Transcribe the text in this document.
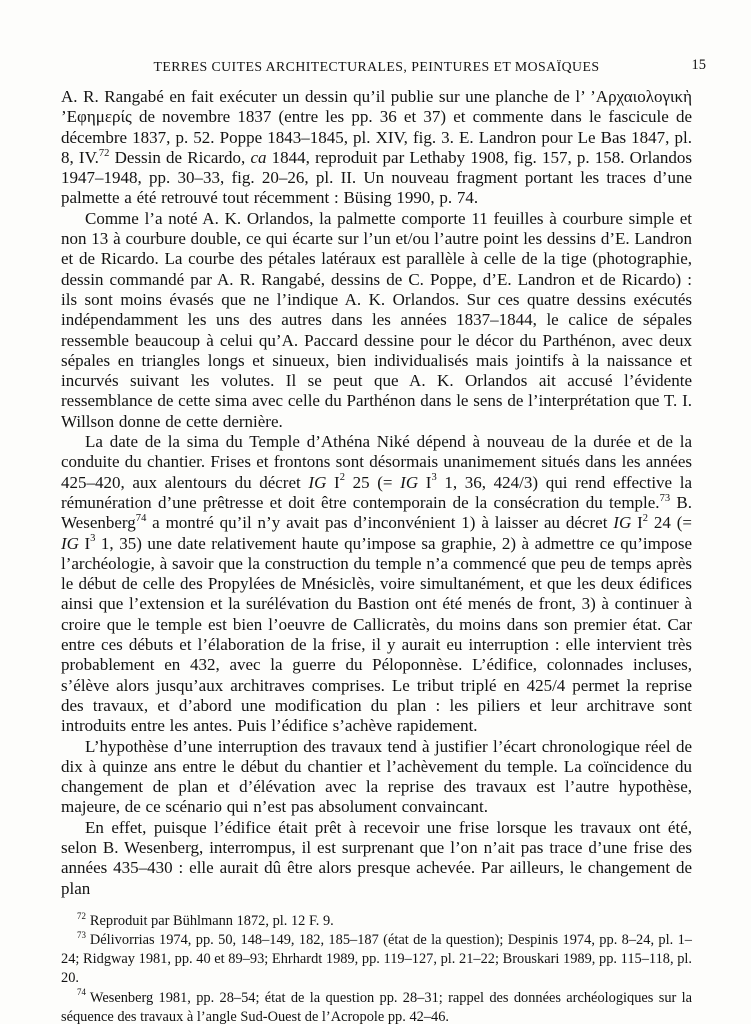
TERRES CUITES ARCHITECTURALES, PEINTURES ET MOSAÏQUES	15

A. R. Rangabé en fait exécuter un dessin qu’il publie sur une planche de l’ ’Αρχαιολογικὴ ’Εφημερίς de novembre 1837 (entre les pp. 36 et 37) et commente dans le fascicule de décembre 1837, p. 52. Poppe 1843–1845, pl. XIV, fig. 3. E. Landron pour Le Bas 1847, pl. 8, IV.$^{72}$ Dessin de Ricardo, ca 1844, reproduit par Lethaby 1908, fig. 157, p. 158. Orlandos 1947–1948, pp. 30–33, fig. 20–26, pl. II. Un nouveau fragment portant les traces d’une palmette a été retrouvé tout récemment : Büsing 1990, p. 74.

Comme l’a noté A. K. Orlandos, la palmette comporte 11 feuilles à courbure simple et non 13 à courbure double, ce qui écarte sur l’un et/ou l’autre point les dessins d’E. Landron et de Ricardo. La courbe des pétales latéraux est parallèle à celle de la tige (photographie, dessin commandé par A. R. Rangabé, dessins de C. Poppe, d’E. Landron et de Ricardo) : ils sont moins évasés que ne l’indique A. K. Orlandos. Sur ces quatre dessins exécutés indépendamment les uns des autres dans les années 1837–1844, le calice de sépales ressemble beaucoup à celui qu’A. Paccard dessine pour le décor du Parthénon, avec deux sépales en triangles longs et sinueux, bien individualisés mais jointifs à la naissance et incurvés suivant les volutes. Il se peut que A. K. Orlandos ait accusé l’évidente ressemblance de cette sima avec celle du Parthénon dans le sens de l’interprétation que T. I. Willson donne de cette dernière.

La date de la sima du Temple d’Athéna Niké dépend à nouveau de la durée et de la conduite du chantier. Frises et frontons sont désormais unanimement situés dans les années 425–420, aux alentours du décret IG $I^2$ 25 (= IG $I^3$ 1, 36, 424/3) qui rend effective la rémunération d’une prêtresse et doit être contemporain de la consécration du temple.$^{73}$ B. Wesenberg$^{74}$ a montré qu’il n’y avait pas d’inconvénient 1) à laisser au décret IG $I^2$ 24 (= IG $I^3$ 1, 35) une date relativement haute qu’impose sa graphie, 2) à admettre ce qu’impose l’archéologie, à savoir que la construction du temple n’a commencé que peu de temps après le début de celle des Propylées de Mnésiclès, voire simultanément, et que les deux édifices ainsi que l’extension et la surélévation du Bastion ont été menés de front, 3) à continuer à croire que le temple est bien l’oeuvre de Callicratès, du moins dans son premier état. Car entre ces débuts et l’élaboration de la frise, il y aurait eu interruption : elle intervient très probablement en 432, avec la guerre du Péloponnèse. L’édifice, colonnades incluses, s’élève alors jusqu’aux architraves comprises. Le tribut triplé en 425/4 permet la reprise des travaux, et d’abord une modification du plan : les piliers et leur architrave sont introduits entre les antes. Puis l’édifice s’achève rapidement.

L’hypothèse d’une interruption des travaux tend à justifier l’écart chronologique réel de dix à quinze ans entre le début du chantier et l’achèvement du temple. La coïncidence du changement de plan et d’élévation avec la reprise des travaux est l’autre hypothèse, majeure, de ce scénario qui n’est pas absolument convaincant.

En effet, puisque l’édifice était prêt à recevoir une frise lorsque les travaux ont été, selon B. Wesenberg, interrompus, il est surprenant que l’on n’ait pas trace d’une frise des années 435–430 : elle aurait dû être alors presque achevée. Par ailleurs, le changement de plan

$^{72}$ Reproduit par Bühlmann 1872, pl. 12 F. 9.

$^{73}$ Délivorrias 1974, pp. 50, 148–149, 182, 185–187 (état de la question); Despinis 1974, pp. 8–24, pl. 1–24; Ridgway 1981, pp. 40 et 89–93; Ehrhardt 1989, pp. 119–127, pl. 21–22; Brouskari 1989, pp. 115–118, pl. 20.

$^{74}$ Wesenberg 1981, pp. 28–54; état de la question pp. 28–31; rappel des données archéologiques sur la séquence des travaux à l’angle Sud-Ouest de l’Acropole pp. 42–46.
